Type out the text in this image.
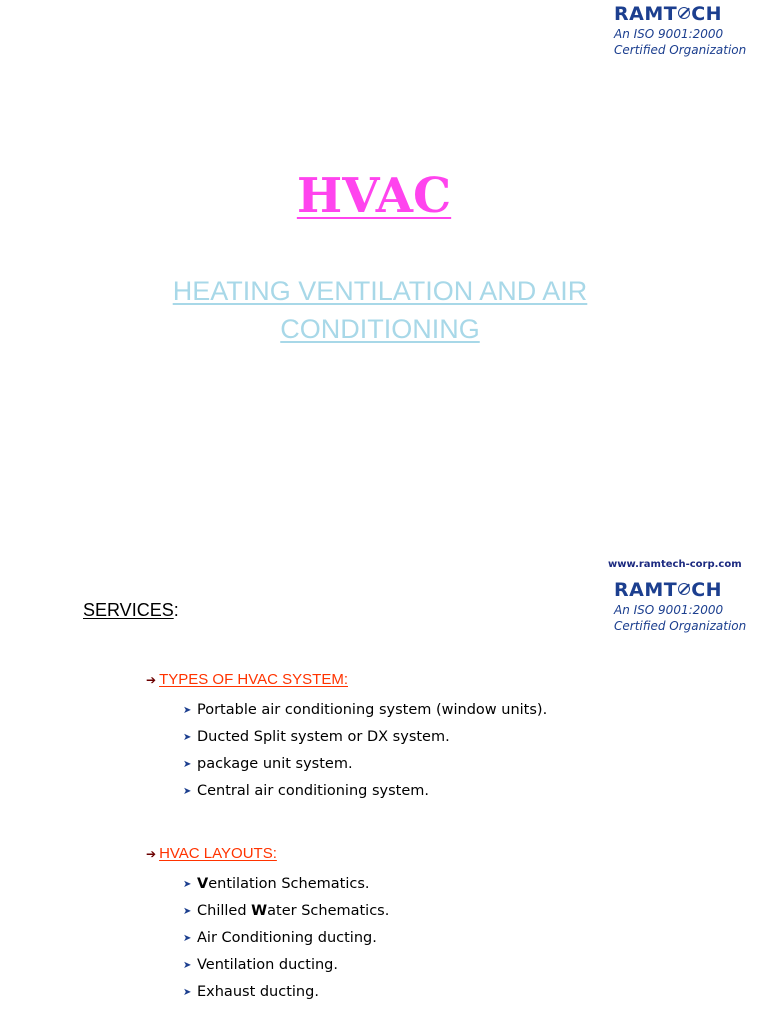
RAMT CH
An ISO 9001:2000
Certified Organization
HVAC
HEATING VENTILATION AND AIR CONDITIONING
www.ramtech-corp.com
RAMT CH
An ISO 9001:2000
Certified Organization
SERVICES:
➔ TYPES OF HVAC SYSTEM:
➤ Portable air conditioning system (window units).
➤ Ducted Split system or DX system.
➤ package unit system.
➤ Central air conditioning system.
➔ HVAC LAYOUTS:
➤ Ventilation Schematics.
➤ Chilled Water Schematics.
➤ Air Conditioning ducting.
➤ Ventilation ducting.
➤ Exhaust ducting.
